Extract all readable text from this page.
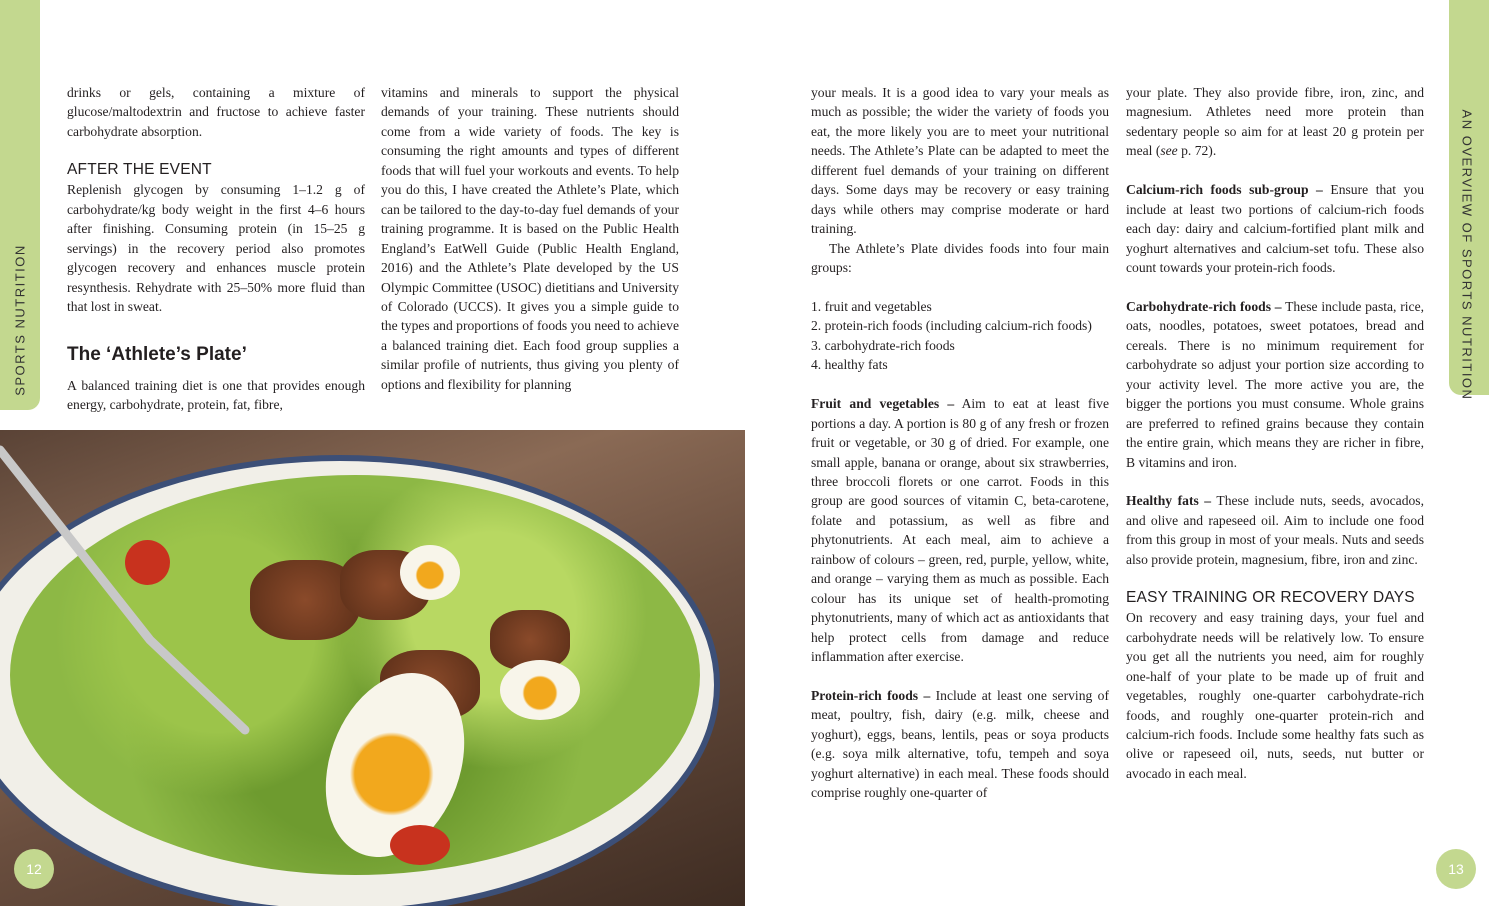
SPORTS NUTRITION	AN OVERVIEW OF SPORTS NUTRITION

drinks or gels, containing a mixture of glucose/maltodextrin and fructose to achieve faster carbohydrate absorption.

AFTER THE EVENT

Replenish glycogen by consuming 1–1.2 g of carbohydrate/kg body weight in the first 4–6 hours after finishing. Consuming protein (in 15–25 g servings) in the recovery period also promotes glycogen recovery and enhances muscle protein resynthesis. Rehydrate with 25–50% more fluid than that lost in sweat.

The ‘Athlete’s Plate’

A balanced training diet is one that provides enough energy, carbohydrate, protein, fat, fibre,

vitamins and minerals to support the physical demands of your training. These nutrients should come from a wide variety of foods. The key is consuming the right amounts and types of different foods that will fuel your workouts and events. To help you do this, I have created the Athlete’s Plate, which can be tailored to the day-to-day fuel demands of your training programme. It is based on the Public Health England’s EatWell Guide (Public Health England, 2016) and the Athlete’s Plate developed by the US Olympic Committee (USOC) dietitians and University of Colorado (UCCS). It gives you a simple guide to the types and proportions of foods you need to achieve a balanced training diet. Each food group supplies a similar profile of nutrients, thus giving you plenty of options and flexibility for planning

12

your meals. It is a good idea to vary your meals as much as possible; the wider the variety of foods you eat, the more likely you are to meet your nutritional needs. The Athlete’s Plate can be adapted to meet the different fuel demands of your training on different days. Some days may be recovery or easy training days while others may comprise moderate or hard training.

The Athlete’s Plate divides foods into four main groups:

1. fruit and vegetables
2. protein-rich foods (including calcium-rich foods)
3. carbohydrate-rich foods
4. healthy fats

Fruit and vegetables – Aim to eat at least five portions a day. A portion is 80 g of any fresh or frozen fruit or vegetable, or 30 g of dried. For example, one small apple, banana or orange, about six strawberries, three broccoli florets or one carrot. Foods in this group are good sources of vitamin C, beta-carotene, folate and potassium, as well as fibre and phytonutrients. At each meal, aim to achieve a rainbow of colours – green, red, purple, yellow, white, and orange – varying them as much as possible. Each colour has its unique set of health-promoting phytonutrients, many of which act as antioxidants that help protect cells from damage and reduce inflammation after exercise.

Protein-rich foods – Include at least one serving of meat, poultry, fish, dairy (e.g. milk, cheese and yoghurt), eggs, beans, lentils, peas or soya products (e.g. soya milk alternative, tofu, tempeh and soya yoghurt alternative) in each meal. These foods should comprise roughly one-quarter of

your plate. They also provide fibre, iron, zinc, and magnesium. Athletes need more protein than sedentary people so aim for at least 20 g protein per meal (see p. 72).

Calcium-rich foods sub-group – Ensure that you include at least two portions of calcium-rich foods each day: dairy and calcium-fortified plant milk and yoghurt alternatives and calcium-set tofu. These also count towards your protein-rich foods.

Carbohydrate-rich foods – These include pasta, rice, oats, noodles, potatoes, sweet potatoes, bread and cereals. There is no minimum requirement for carbohydrate so adjust your portion size according to your activity level. The more active you are, the bigger the portions you must consume. Whole grains are preferred to refined grains because they contain the entire grain, which means they are richer in fibre, B vitamins and iron.

Healthy fats – These include nuts, seeds, avocados, and olive and rapeseed oil. Aim to include one food from this group in most of your meals. Nuts and seeds also provide protein, magnesium, fibre, iron and zinc.

EASY TRAINING OR RECOVERY DAYS

On recovery and easy training days, your fuel and carbohydrate needs will be relatively low. To ensure you get all the nutrients you need, aim for roughly one-half of your plate to be made up of fruit and vegetables, roughly one-quarter carbohydrate-rich foods, and roughly one-quarter protein-rich and calcium-rich foods. Include some healthy fats such as olive or rapeseed oil, nuts, seeds, nut butter or avocado in each meal.

13
